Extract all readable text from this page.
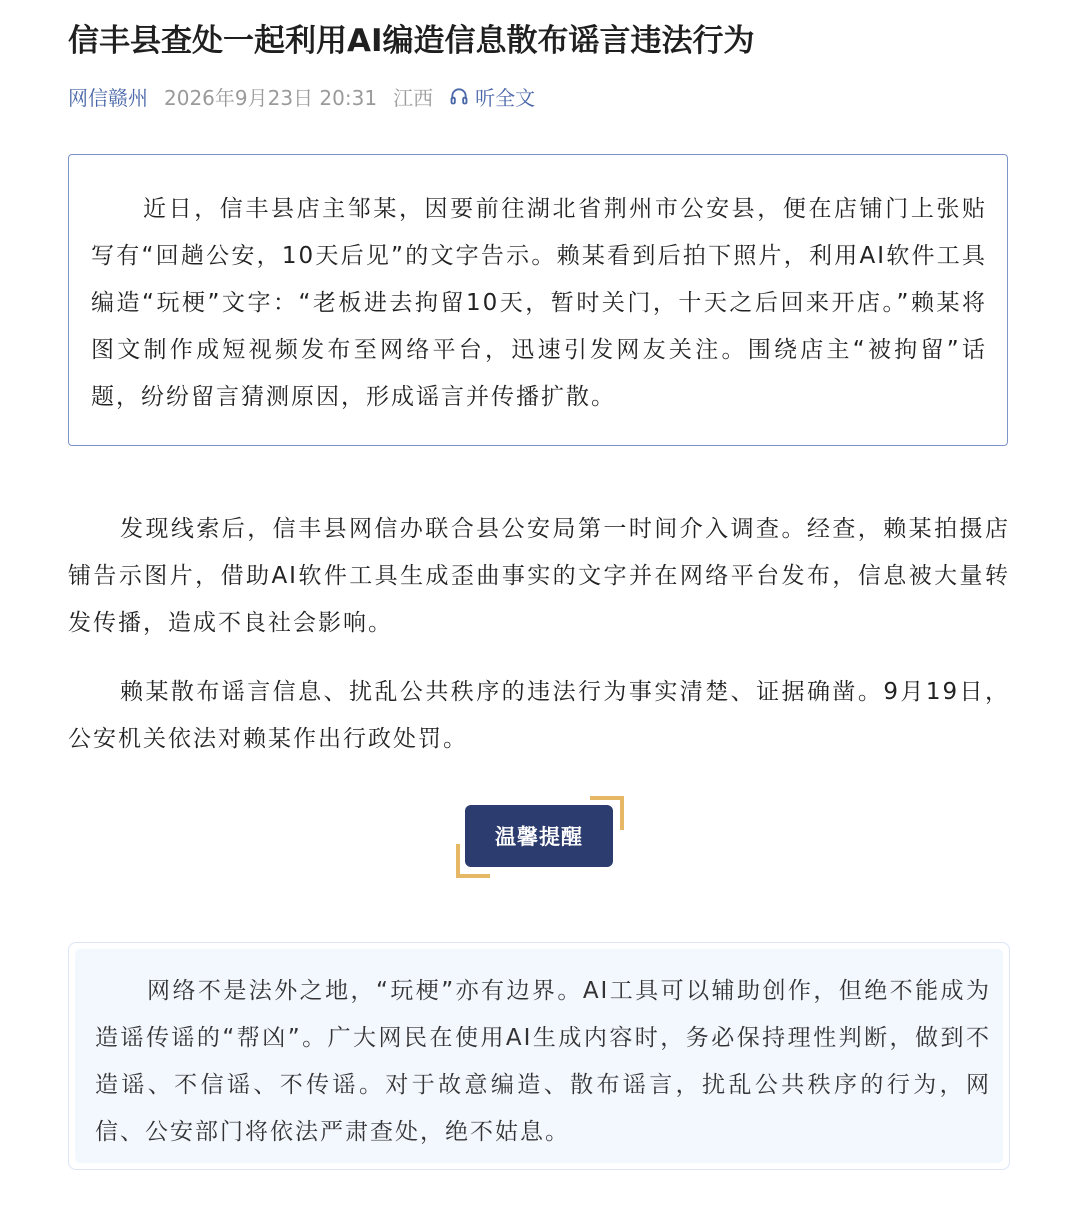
信丰县查处一起利用AI编造信息散布谣言违法行为
网信赣州 2026年9月23日 20:31 江西 听全文

近日，信丰县店主邹某，因要前往湖北省荆州市公安县，便在店铺门上张贴写有“回趟公安，10天后见”的文字告示。赖某看到后拍下照片，利用AI软件工具编造“玩梗”文字：“老板进去拘留10天，暂时关门，十天之后回来开店。”赖某将图文制作成短视频发布至网络平台，迅速引发网友关注。围绕店主“被拘留”话题，纷纷留言猜测原因，形成谣言并传播扩散。

发现线索后，信丰县网信办联合县公安局第一时间介入调查。经查，赖某拍摄店铺告示图片，借助AI软件工具生成歪曲事实的文字并在网络平台发布，信息被大量转发传播，造成不良社会影响。

赖某散布谣言信息、扰乱公共秩序的违法行为事实清楚、证据确凿。9月19日，公安机关依法对赖某作出行政处罚。

温馨提醒

网络不是法外之地，“玩梗”亦有边界。AI工具可以辅助创作，但绝不能成为造谣传谣的“帮凶”。广大网民在使用AI生成内容时，务必保持理性判断，做到不造谣、不信谣、不传谣。对于故意编造、散布谣言，扰乱公共秩序的行为，网信、公安部门将依法严肃查处，绝不姑息。
